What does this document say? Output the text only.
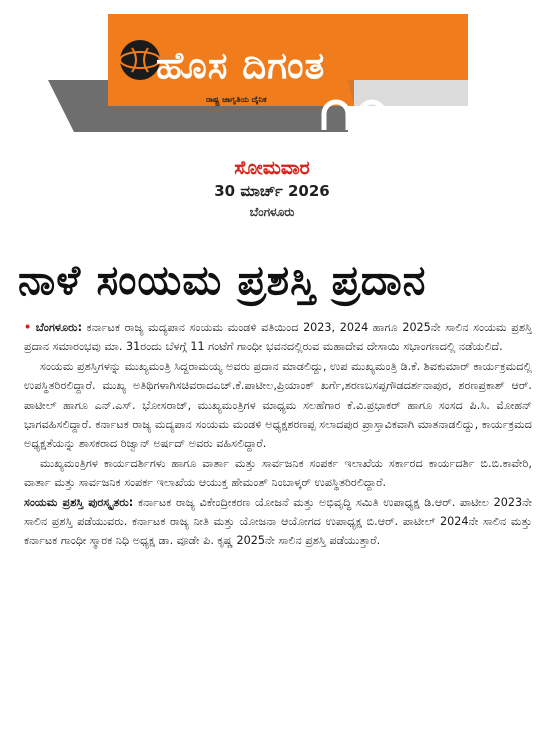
ಹೊಸ ದಿಗಂತ
ರಾಷ್ಟ್ರ ಜಾಗೃತಿಯ ದೈನಿಕ
ಸೋಮವಾರ
30 ಮಾರ್ಚ್ 2026
ಬೆಂಗಳೂರು
ನಾಳೆ ಸಂಯಮ ಪ್ರಶಸ್ತಿ ಪ್ರದಾನ

• ಬೆಂಗಳೂರು: ಕರ್ನಾಟಕ ರಾಜ್ಯ ಮದ್ಯಪಾನ ಸಂಯಮ ಮಂಡಳಿ ವತಿಯಿಂದ 2023, 2024 ಹಾಗೂ 2025ನೇ ಸಾಲಿನ ಸಂಯಮ ಪ್ರಶಸ್ತಿ ಪ್ರದಾನ ಸಮಾರಂಭವು ಮಾ. 31ರಂದು ಬೆಳಗ್ಗೆ 11 ಗಂಟೆಗೆ ಗಾಂಧೀ ಭವನದಲ್ಲಿರುವ ಮಹಾದೇವ ದೇಸಾಯಿ ಸಭಾಂಗಣದಲ್ಲಿ ನಡೆಯಲಿದೆ.

ಸಂಯಮ ಪ್ರಶಸ್ತಿಗಳನ್ನು ಮುಖ್ಯಮಂತ್ರಿ ಸಿದ್ದರಾಮಯ್ಯ ಅವರು ಪ್ರದಾನ ಮಾಡಲಿದ್ದು, ಉಪ ಮುಖ್ಯಮಂತ್ರಿ ಡಿ.ಕೆ. ಶಿವಕುಮಾರ್ ಕಾರ್ಯಕ್ರಮದಲ್ಲಿ ಉಪಸ್ಥಿತರಿರಲಿದ್ದಾರೆ. ಮುಖ್ಯ ಅತಿಥಿಗಳಾಗಿಸಚಿವರಾದಎಚ್.ಕೆ.ಪಾಟೀಲ,ಪ್ರಿಯಾಂಕ್ ಖರ್ಗೆ,ಶರಣಬಸಪ್ಪಗೌಡದರ್ಶನಾಪುರ, ಶರಣಪ್ರಕಾಶ್ ಆರ್. ಪಾಟೀಲ್ ಹಾಗೂ ಎನ್.ಎಸ್. ಭೋಸರಾಜ್, ಮುಖ್ಯಮಂತ್ರಿಗಳ ಮಾಧ್ಯಮ ಸಲಹೆಗಾರ ಕೆ.ವಿ.ಪ್ರಭಾಕರ್ ಹಾಗೂ ಸಂಸದ ಪಿ.ಸಿ. ಮೋಹನ್ ಭಾಗವಹಿಸಲಿದ್ದಾರೆ. ಕರ್ನಾಟಕ ರಾಜ್ಯ ಮದ್ಯಪಾನ ಸಂಯಮ ಮಂಡಳಿ ಅಧ್ಯಕ್ಷಶರಣಪ್ಪ ಸಲಾದಪುರ ಪ್ರಾಸ್ತಾವಿಕವಾಗಿ ಮಾತನಾಡಲಿದ್ದು, ಕಾರ್ಯಕ್ರಮದ ಅಧ್ಯಕ್ಷತೆಯನ್ನು ಶಾಸಕರಾದ ರಿಜ್ವಾನ್ ಅರ್ಷದ್ ಅವರು ವಹಿಸಲಿದ್ದಾರೆ.

ಮುಖ್ಯಮಂತ್ರಿಗಳ ಕಾರ್ಯದರ್ಶಿಗಳು ಹಾಗೂ ವಾರ್ತಾ ಮತ್ತು ಸಾರ್ವಜನಿಕ ಸಂಪರ್ಕ ಇಲಾಖೆಯ ಸರ್ಕಾರದ ಕಾರ್ಯದರ್ಶಿ ಬಿ.ಬಿ.ಕಾವೇರಿ, ವಾರ್ತಾ ಮತ್ತು ಸಾರ್ವಜನಿಕ ಸಂಪರ್ಕ ಇಲಾಖೆಯ ಆಯುಕ್ತ ಹೇಮಂತ್ ನಿಂಬಾಳ್ಕರ್ ಉಪಸ್ಥಿತರಿರಲಿದ್ದಾರೆ.

ಸಂಯಮ ಪ್ರಶಸ್ತಿ ಪುರಸ್ಕೃತರು: ಕರ್ನಾಟಕ ರಾಜ್ಯ ವಿಕೇಂದ್ರೀಕರಣ ಯೋಜನೆ ಮತ್ತು ಅಭಿವೃದ್ಧಿ ಸಮಿತಿ ಉಪಾಧ್ಯಕ್ಷ ಡಿ.ಆರ್. ಪಾಟೀಲ 2023ನೇ ಸಾಲಿನ ಪ್ರಶಸ್ತಿ ಪಡೆಯುವರು. ಕರ್ನಾಟಕ ರಾಜ್ಯ ನೀತಿ ಮತ್ತು ಯೋಜನಾ ಆಯೋಗದ ಉಪಾಧ್ಯಕ್ಷ ಬಿ.ಆರ್. ಪಾಟೀಲ್ 2024ನೇ ಸಾಲಿನ ಮತ್ತು ಕರ್ನಾಟಕ ಗಾಂಧೀ ಸ್ಮಾರಕ ನಿಧಿ ಅಧ್ಯಕ್ಷ ಡಾ. ವೂಡೇ ಪಿ. ಕೃಷ್ಣ 2025ನೇ ಸಾಲಿನ ಪ್ರಶಸ್ತಿ ಪಡೆಯುತ್ತಾರೆ.
